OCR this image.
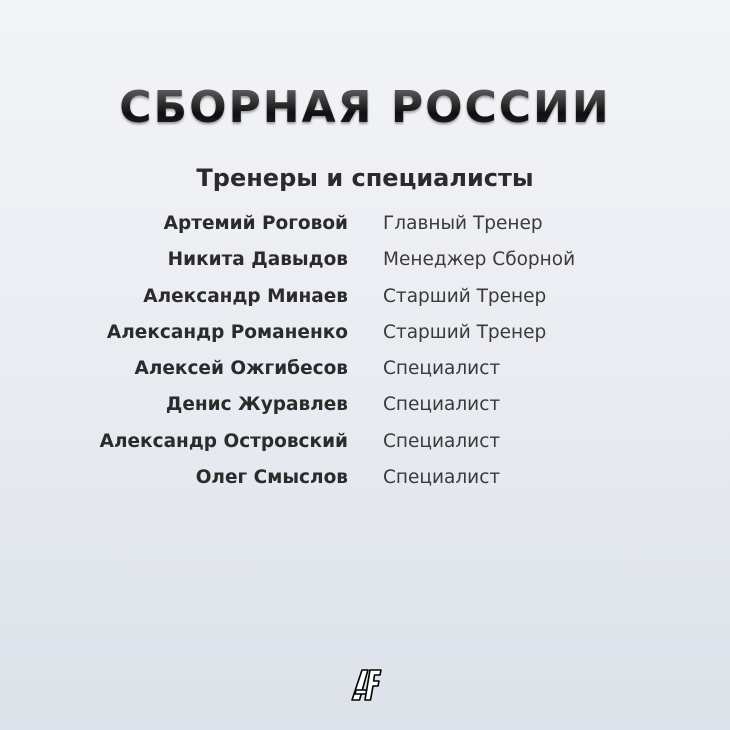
СБОРНАЯ РОССИИ
Тренеры и специалисты
Артемий Роговой Главный Тренер
Никита Давыдов Менеджер Сборной
Александр Минаев Старший Тренер
Александр Романенко Старший Тренер
Алексей Ожгибесов Специалист
Денис Журавлев Специалист
Александр Островский Специалист
Олег Смыслов Специалист
